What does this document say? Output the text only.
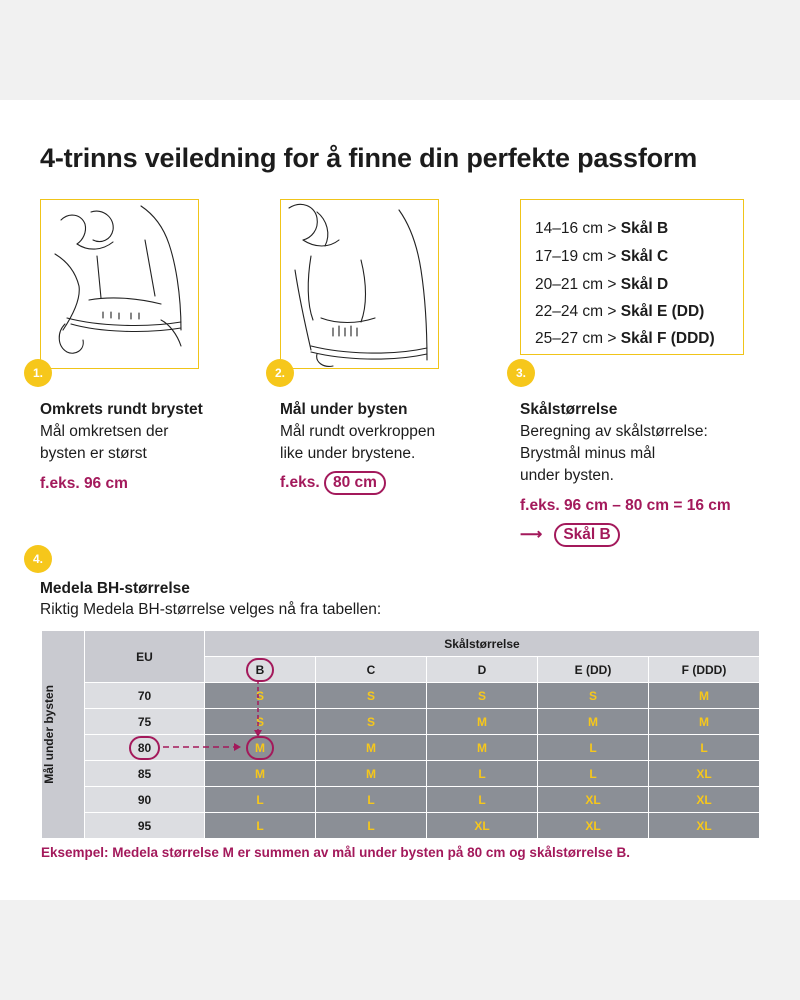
4-trinns veiledning for å finne din perfekte passform
1.	2.
14–16 cm > Skål B
17–19 cm > Skål C
20–21 cm > Skål D
22–24 cm > Skål E (DD)
25–27 cm > Skål F (DDD)
3.
Omkrets rundt brystet
Mål omkretsen der
bysten er størst
f.eks. 96 cm
Mål under bysten
Mål rundt overkroppen
like under brystene.
f.eks. 80 cm
Skålstørrelse
Beregning av skålstørrelse:
Brystmål minus mål
under bysten.
f.eks. 96 cm – 80 cm = 16 cm
⟶ Skål B
4.
Medela BH-størrelse
Riktig Medela BH-størrelse velges nå fra tabellen:
Mål under bysten	EU	Skålstørrelse				
		B	C	D	E (DD)	F (DDD)
	70	S	S	S	S	M
	75	S	S	M	M	M
	80	M	M	M	L	L
	85	M	M	L	L	XL
	90	L	L	L	XL	XL
	95	L	L	XL	XL	XL
Eksempel: Medela størrelse M er summen av mål under bysten på 80 cm og skålstørrelse B.
